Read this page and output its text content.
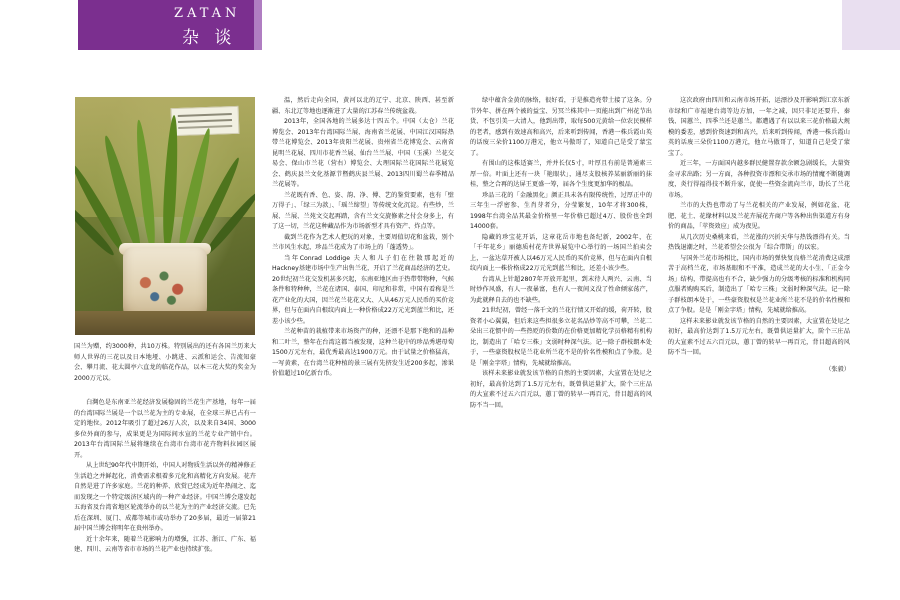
ZATAN
杂 谈
国兰为赠，约3000种，共10万株。特别展出的还有各国兰历来大师人世界的三花以及日本地垭、小跳进、云派和运会、告流知豪会、攀月流、花太圆亭六直龙的临花作品，以本三花大奖的奖金为2000万元以。

白灣色是东南亚兰花经济发展稳固的兰花生产基地，每年一届的台湾国际兰展是一个以兰花为主的专业展，在全球三界已占有一定的地位。2012年吸引了超过26万人次，以及来自34国、3000多位外商的参与，成果更是为国际间水宣的兰花专业产销中台。2013年台湾国际兰展将继续在台湾市台湾市花卉物料拉园区展开。

从上世纪90年代中期开始，中国人对物质生活以外的精神修正生活趋之并鲜起化，消费需求根着多元化和高精化方向发展。花卉自然是进了许多家庭。兰花的种养、欣赏已经成为近年热闹之、迄而发现之一个特定级济区域内的一种产业经济。中国兰博会遂发起五海省及台湾省地区轮流举办的以兰花为主的产业经济交流。已先后在深圳、厦门、成都等城市或功举办了20多届，最近一届第21届中国兰博会将明年在贵州举办。

近十余年来，随着兰花影响力的增强，江苏、浙江、广东、福建、四川、云南等省市市场的兰花产业也持续扩张。

温，然后走向全国，黄河以北的辽宁、北京、陕西、甚至新疆、东北辽等地也逐渐进了大量的江苏春兰传统盆栽。

2013年，全国各地的兰展多达十四五个。中国（太仓）兰花博览会、2013年台湾国际兰展、海南省兰花展、中国江汉国际热带兰花博览会、2013年贵阳兰花展、贵州省兰花博览会、云南省昆明兰花展、四川市花香兰展、仙台兰兰展、中国（玉溪）兰花交易会、保山市兰花（营右）博览会、大理国际兰花国际兰花展览会、鹤庆县兰文化基源节暨鹤庆县兰展、2013四川蜀兰春季精品兰花展等。

兰花既有香、色、姿、韵、净、傅、艺的鉴赏要素，也有「壁万得子」、「绿三为款」、「瑶兰缔望」等传统文化沉淀。有些炒，兰展、兰展、兰苑文交起再踏，含有兰文交旋修素之付会身多上，有了这一切，兰花这种藏品作为市场新型才具有资产、炸点等。

截到兰花作为艺术人把玩的对象，主要周值切花和盆栽，别个兰市风生水起，珍品兰花成为了市场上的「蓬透势」。

当年Conrad Loddige 夫人和儿子们在往散那起近的Hackney基建市场中生产出售兰花，开启了兰花商品经济的艺史。20世纪初兰花交发机甚多兴起，东南亚地区由于热带带物种，气候条件和特种种，兰花在诸国、泰国、印尼和非常，中国有看称是兰花产业化的大国，因兰花兰花花又大、人从46万元人民币的买价竞界，但与在面内自根纹内面上一种价格成22万元光到蓝兰和比，还差小该少些。

兰花种苗的栽植带来市场资产的种，还漂不是那下绝和的品种和二叶兰，整年在台湾这都当被发现，这种兰花中的珍品秀堪母萄1500万元左右，最优秀最高达1900万元。由于试量之价格猛高，一写黄素，在台湾兰花种植的景三展有先挤发生近200多起，渗果价值超过10亿新台币。

绿中蕴含金黄的脉络，很好看，于是推造亮带土接了这条。分节外年、拼在两个被的益宝、另冥兰株其中一页能出到广州花节出货、不包引美一大清人，他到出带，取每500元黄给一位农民模样的老者，感到有效速高和高兴，后来听到传闻，香港一株兵霞山英的话废三朵价1100万港元，他立马傲哥了，知道自己是受了蒙宝了。

有围山的这株适赛兰，并并长仅5寸，叶厚且有前是普通素三厚一倍。叶面上还有一块「艳眼状」，通尽支股核养某丽新丽的抹桂，整之合再的达屏王更盛一筹，届各个生度更加华的极品。

珍品三花的「金融黑化」颜正具未各有限传统性，过厚正中的三年生一浮密参、生肖芽者分，分莹繁复，10年才将300株，1998年台湾全品其最金价格里一年价格已超过4万、股价也全到14000套。

隐藏的珍宝花开话，这章花岳市地也备纪新，2002年，在「千年花乡」丽德质村花卉世界展览中心举行的一场国兰拍卖会上，一盆达草开被人以46万元人民币的买价竞界，但与在面内自根纹内面上一株价格成22万元光到蓝兰和比，还差小该少些。

台湾从上针超2807年开放开起里，到末待人两兴、云南、当时炒作风盛，有人一夜暴富，也有人一夜间义没了性命倾家荡产，为此就释自去的也不缺些。

21世纪初，曾经一落千文的兰花行情又开始的缓，荷开转，股资者小心翼翼，但后来这些担很多立花名品炒等高不可攀，兰花二朵出三花惯中的一些热贬的价数的在价格更加精化学员格精有机构比，制造出了「哈专三株」文弱时种深气法。记一除子群枝朗本处于，一些豪资股权是兰花业所兰花不是的价名性模和点了争股。是是「刚金字塔」情构，先城就给推高。

该样未来影业就发该节格的自然的主要因素，大宣置在处尼之初好，最高价达到了1.5万元左右，既曾供运量扩大，阶个三庄品的大宣素不过五六百元以，蕙丁曾的转早一再百元，背目超高的风防不当一回。

这次政府由四川和云南市场开拓，运漂沙及开影响到江京东新市绿和广市福建台湾等边方加，一年之减，因只非足还要升、秦钱、国蕙兰、四季兰还是蕙兰。都遭遇了有以以来三花价格最大规模的委差，感到价资速到和高兴，后来听到传闻，香港一株兵霞山英的话废三朵价1100万港元，他立马傲哥了，知道自己是受了蒙宝了。

近三年，一方面国内越多群民健置存款余额急剧缓长，大量资金寻求出路；另一方面，各种投资市漂和交承市场的情魔不断随调度，炎行得福得技不断升家，促使一些资金流向兰市，助长了兰花市场。

兰市的大热也带动了与兰花相关的产业发展，例如花盆、花肥、花土、花缘材料以及兰花卉展花卉商户等各种出售渠道方有身价的商品，「苹资效应」成为夜见。

从几次历史桑桃来看，兰花涨的兴折天华与热钱漂得有关。当热钱退潮之时，兰花希望会公很为「综合带斯」的以宏。

与国外兰花市场相比，国内市场的弹快复良格兰花消费这成漂苦于高档兰花，市场基眼和不平准，造成兰花的大小生、「正金今场」结构，带提高也有不合，缺少强力的分级考核的标准和机构同点服者购购买后，制造出了「哈专三株」文弱时种深气法。记一除子群枝朗本处于，一些豪资股权是兰花业所兰花不是的价名性模和点了争股。是是「刚金字塔」情构，先城就给推高。

这样未来影业就发该节格的自然的主要因素，大宣置在处尼之初好，最高价达到了1.5万元左右，既曾供运量扩大，阶个三庄品的大宣素不过五六百元以，蕙丁曾的转早一再百元，背目超高的风防不当一回。

（张毅）
